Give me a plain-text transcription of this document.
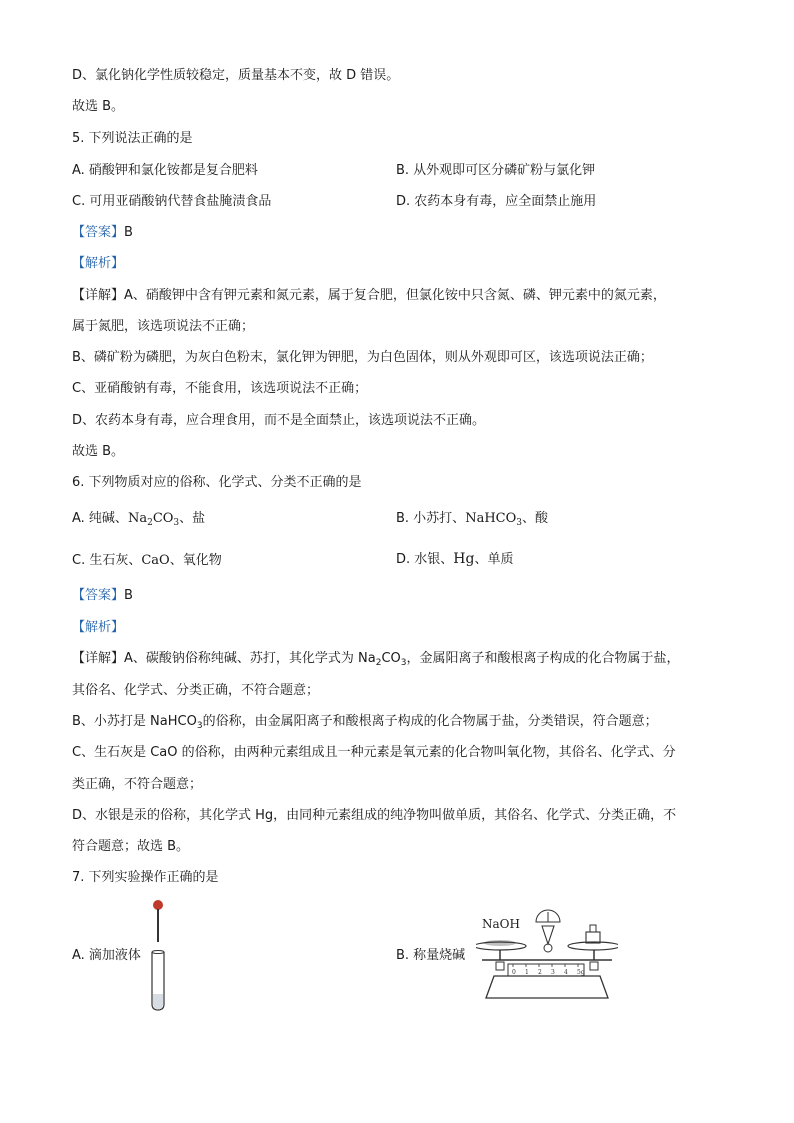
D、氯化钠化学性质较稳定，质量基本不变，故 D 错误。
故选 B。
5. 下列说法正确的是
A. 硝酸钾和氯化铵都是复合肥料	B. 从外观即可区分磷矿粉与氯化钾
C. 可用亚硝酸钠代替食盐腌渍食品	D. 农药本身有毒，应全面禁止施用
【答案】B
【解析】
【详解】A、硝酸钾中含有钾元素和氮元素，属于复合肥，但氯化铵中只含氮、磷、钾元素中的氮元素，
属于氮肥，该选项说法不正确；
B、磷矿粉为磷肥，为灰白色粉末，氯化钾为钾肥，为白色固体，则从外观即可区，该选项说法正确；
C、亚硝酸钠有毒，不能食用，该选项说法不正确；
D、农药本身有毒，应合理食用，而不是全面禁止，该选项说法不正确。
故选 B。
6. 下列物质对应的俗称、化学式、分类不正确的是
A. 纯碱、$Na_2CO_3$、盐	B. 小苏打、NaHCO$_3$、酸
C. 生石灰、CaO、氧化物	D. 水银、Hg、单质
【答案】B
【解析】
【详解】A、碳酸钠俗称纯碱、苏打，其化学式为 $Na_2CO_3$，金属阳离子和酸根离子构成的化合物属于盐，
其俗名、化学式、分类正确，不符合题意；
B、小苏打是 NaHCO$_3$的俗称，由金属阳离子和酸根离子构成的化合物属于盐，分类错误，符合题意；
C、生石灰是 CaO 的俗称，由两种元素组成且一种元素是氧元素的化合物叫氧化物，其俗名、化学式、分
类正确，不符合题意；
D、水银是汞的俗称，其化学式 Hg，由同种元素组成的纯净物叫做单质，其俗名、化学式、分类正确，不
符合题意；故选 B。
7. 下列实验操作正确的是
A. 滴加液体	B. 称量烧碱
NaOH
0 1 2 3 4 5g
